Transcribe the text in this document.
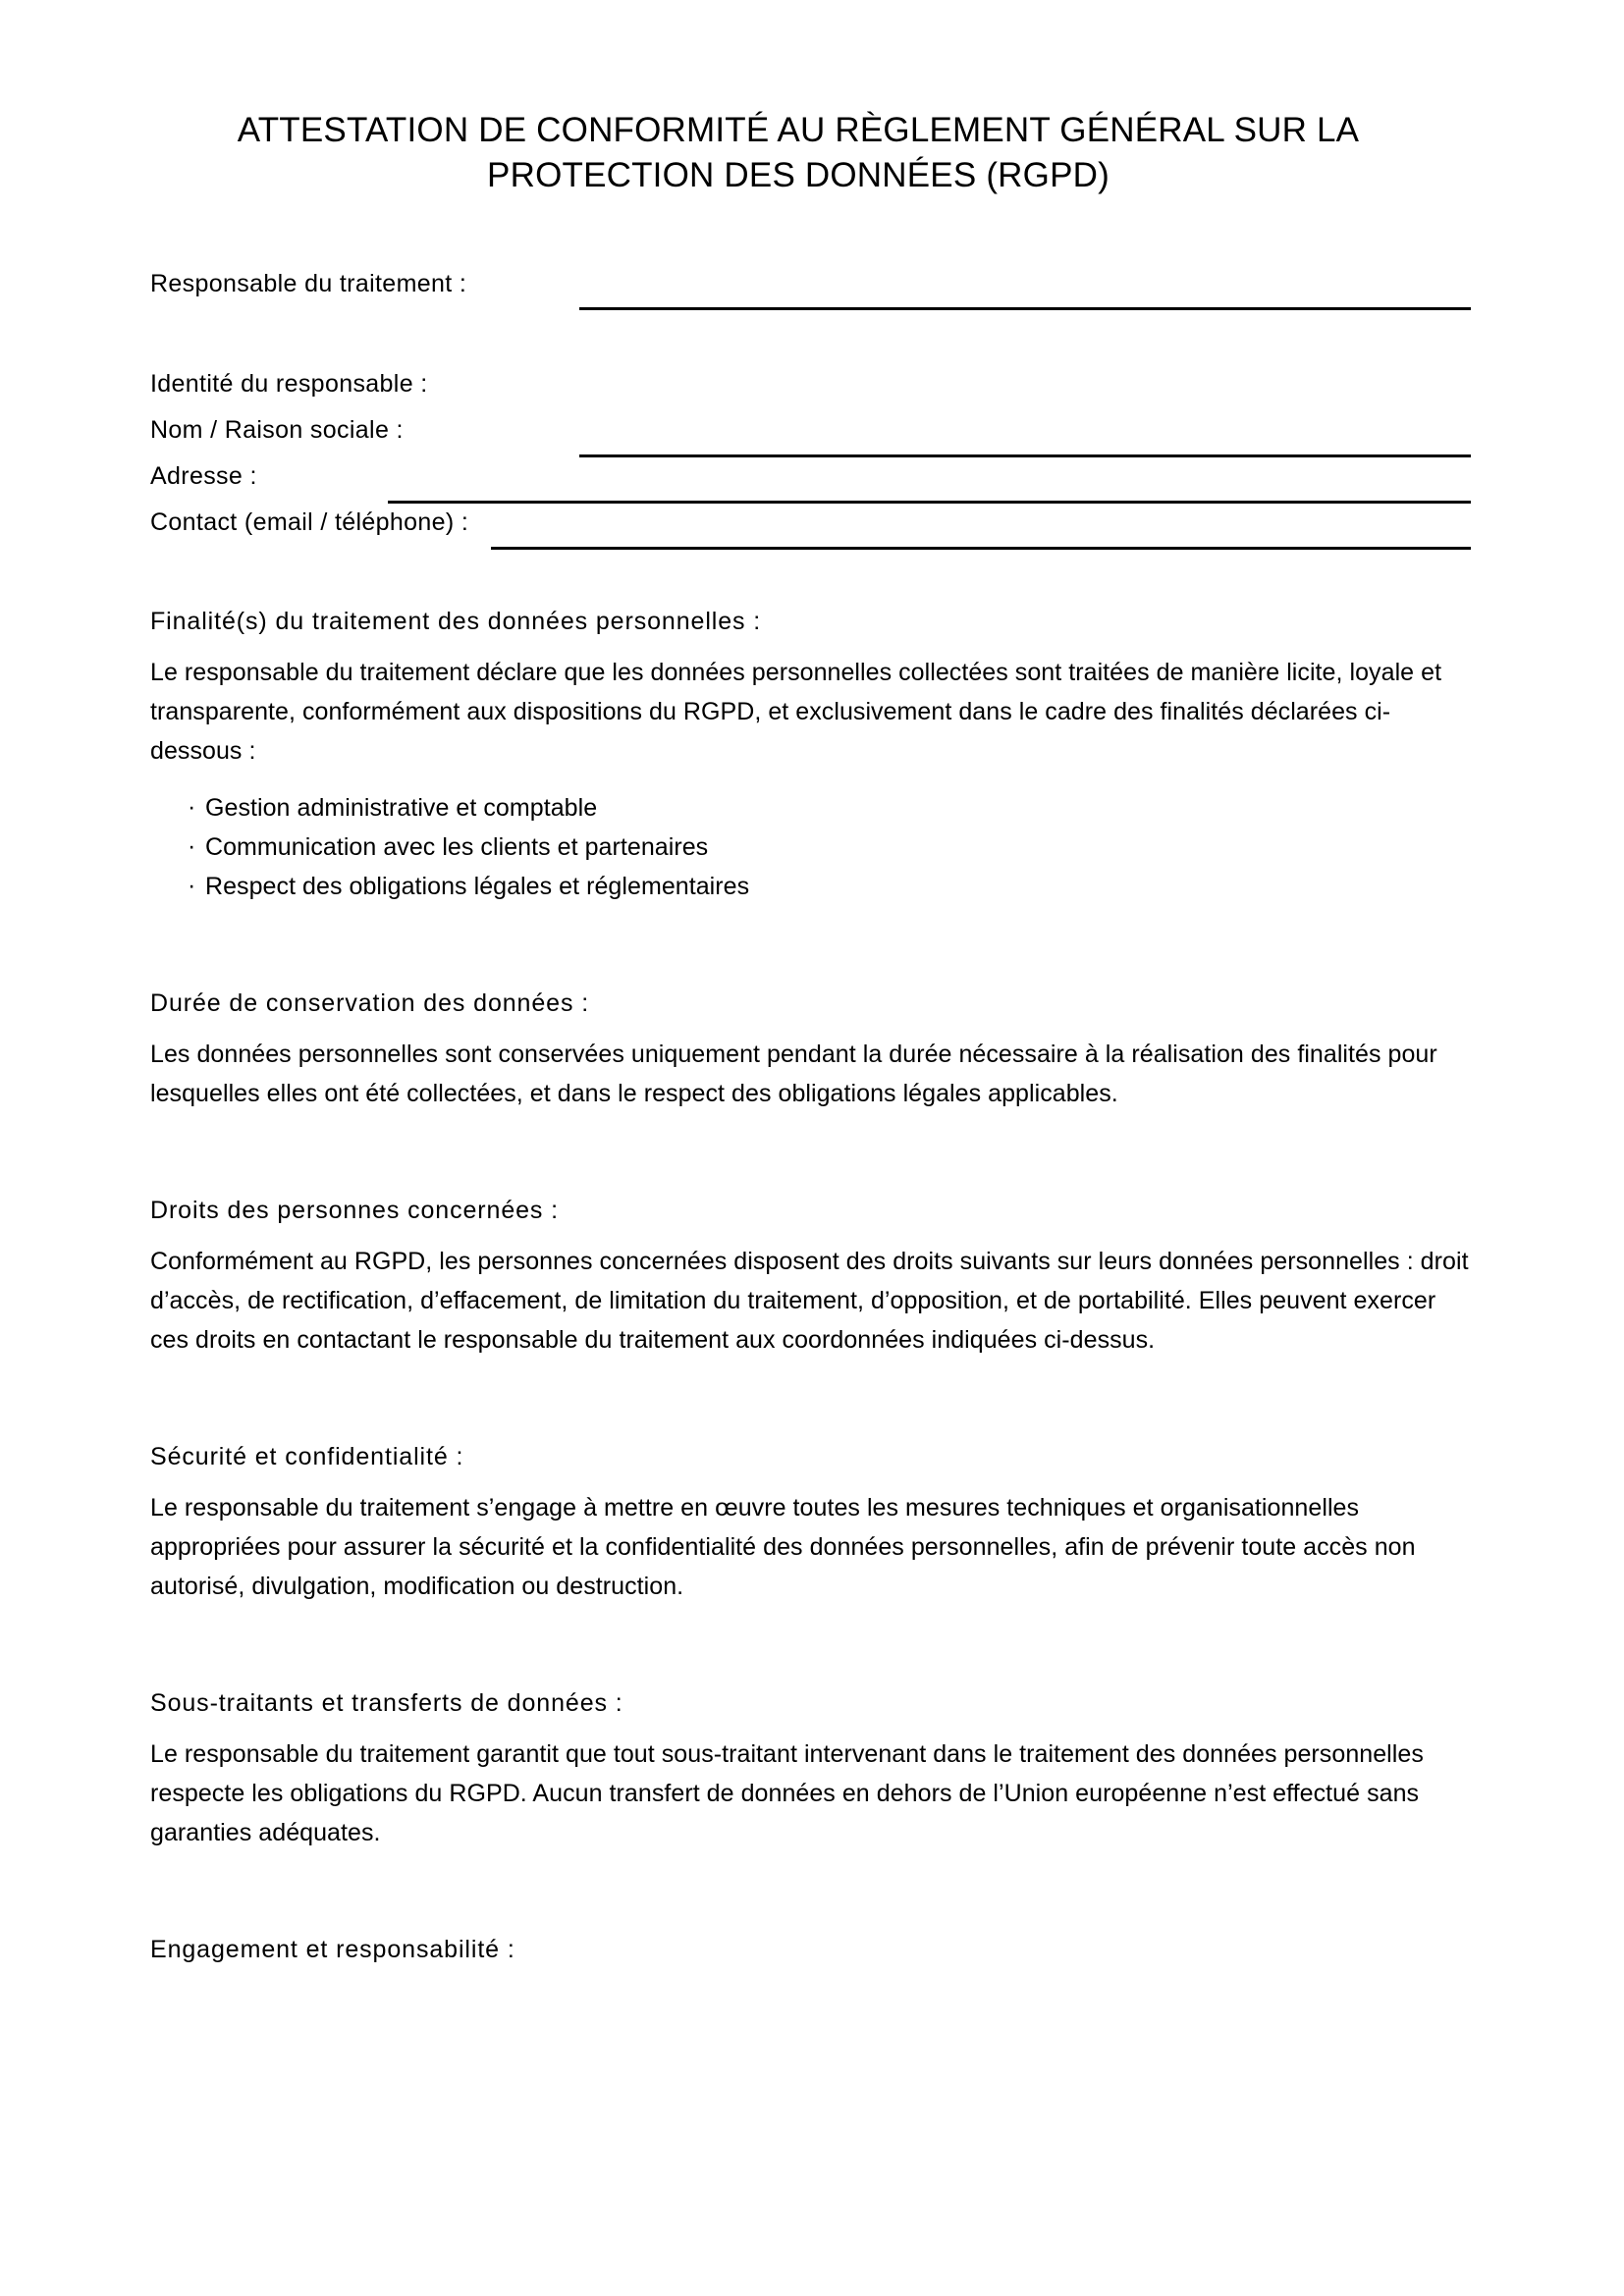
ATTESTATION DE CONFORMITÉ AU RÈGLEMENT GÉNÉRAL SUR LA PROTECTION DES DONNÉES (RGPD)
Responsable du traitement :
Identité du responsable :
Nom / Raison sociale :
Adresse :
Contact (email / téléphone) :
Finalité(s) du traitement des données personnelles :

Le responsable du traitement déclare que les données personnelles collectées sont traitées de manière licite, loyale et transparente, conformément aux dispositions du RGPD, et exclusivement dans le cadre des finalités déclarées ci-dessous :

· Gestion administrative et comptable
· Communication avec les clients et partenaires
· Respect des obligations légales et réglementaires
Durée de conservation des données :

Les données personnelles sont conservées uniquement pendant la durée nécessaire à la réalisation des finalités pour lesquelles elles ont été collectées, et dans le respect des obligations légales applicables.

Droits des personnes concernées :

Conformément au RGPD, les personnes concernées disposent des droits suivants sur leurs données personnelles : droit d’accès, de rectification, d’effacement, de limitation du traitement, d’opposition, et de portabilité. Elles peuvent exercer ces droits en contactant le responsable du traitement aux coordonnées indiquées ci-dessus.

Sécurité et confidentialité :

Le responsable du traitement s’engage à mettre en œuvre toutes les mesures techniques et organisationnelles appropriées pour assurer la sécurité et la confidentialité des données personnelles, afin de prévenir toute accès non autorisé, divulgation, modification ou destruction.

Sous-traitants et transferts de données :

Le responsable du traitement garantit que tout sous-traitant intervenant dans le traitement des données personnelles respecte les obligations du RGPD. Aucun transfert de données en dehors de l’Union européenne n’est effectué sans garanties adéquates.

Engagement et responsabilité :
